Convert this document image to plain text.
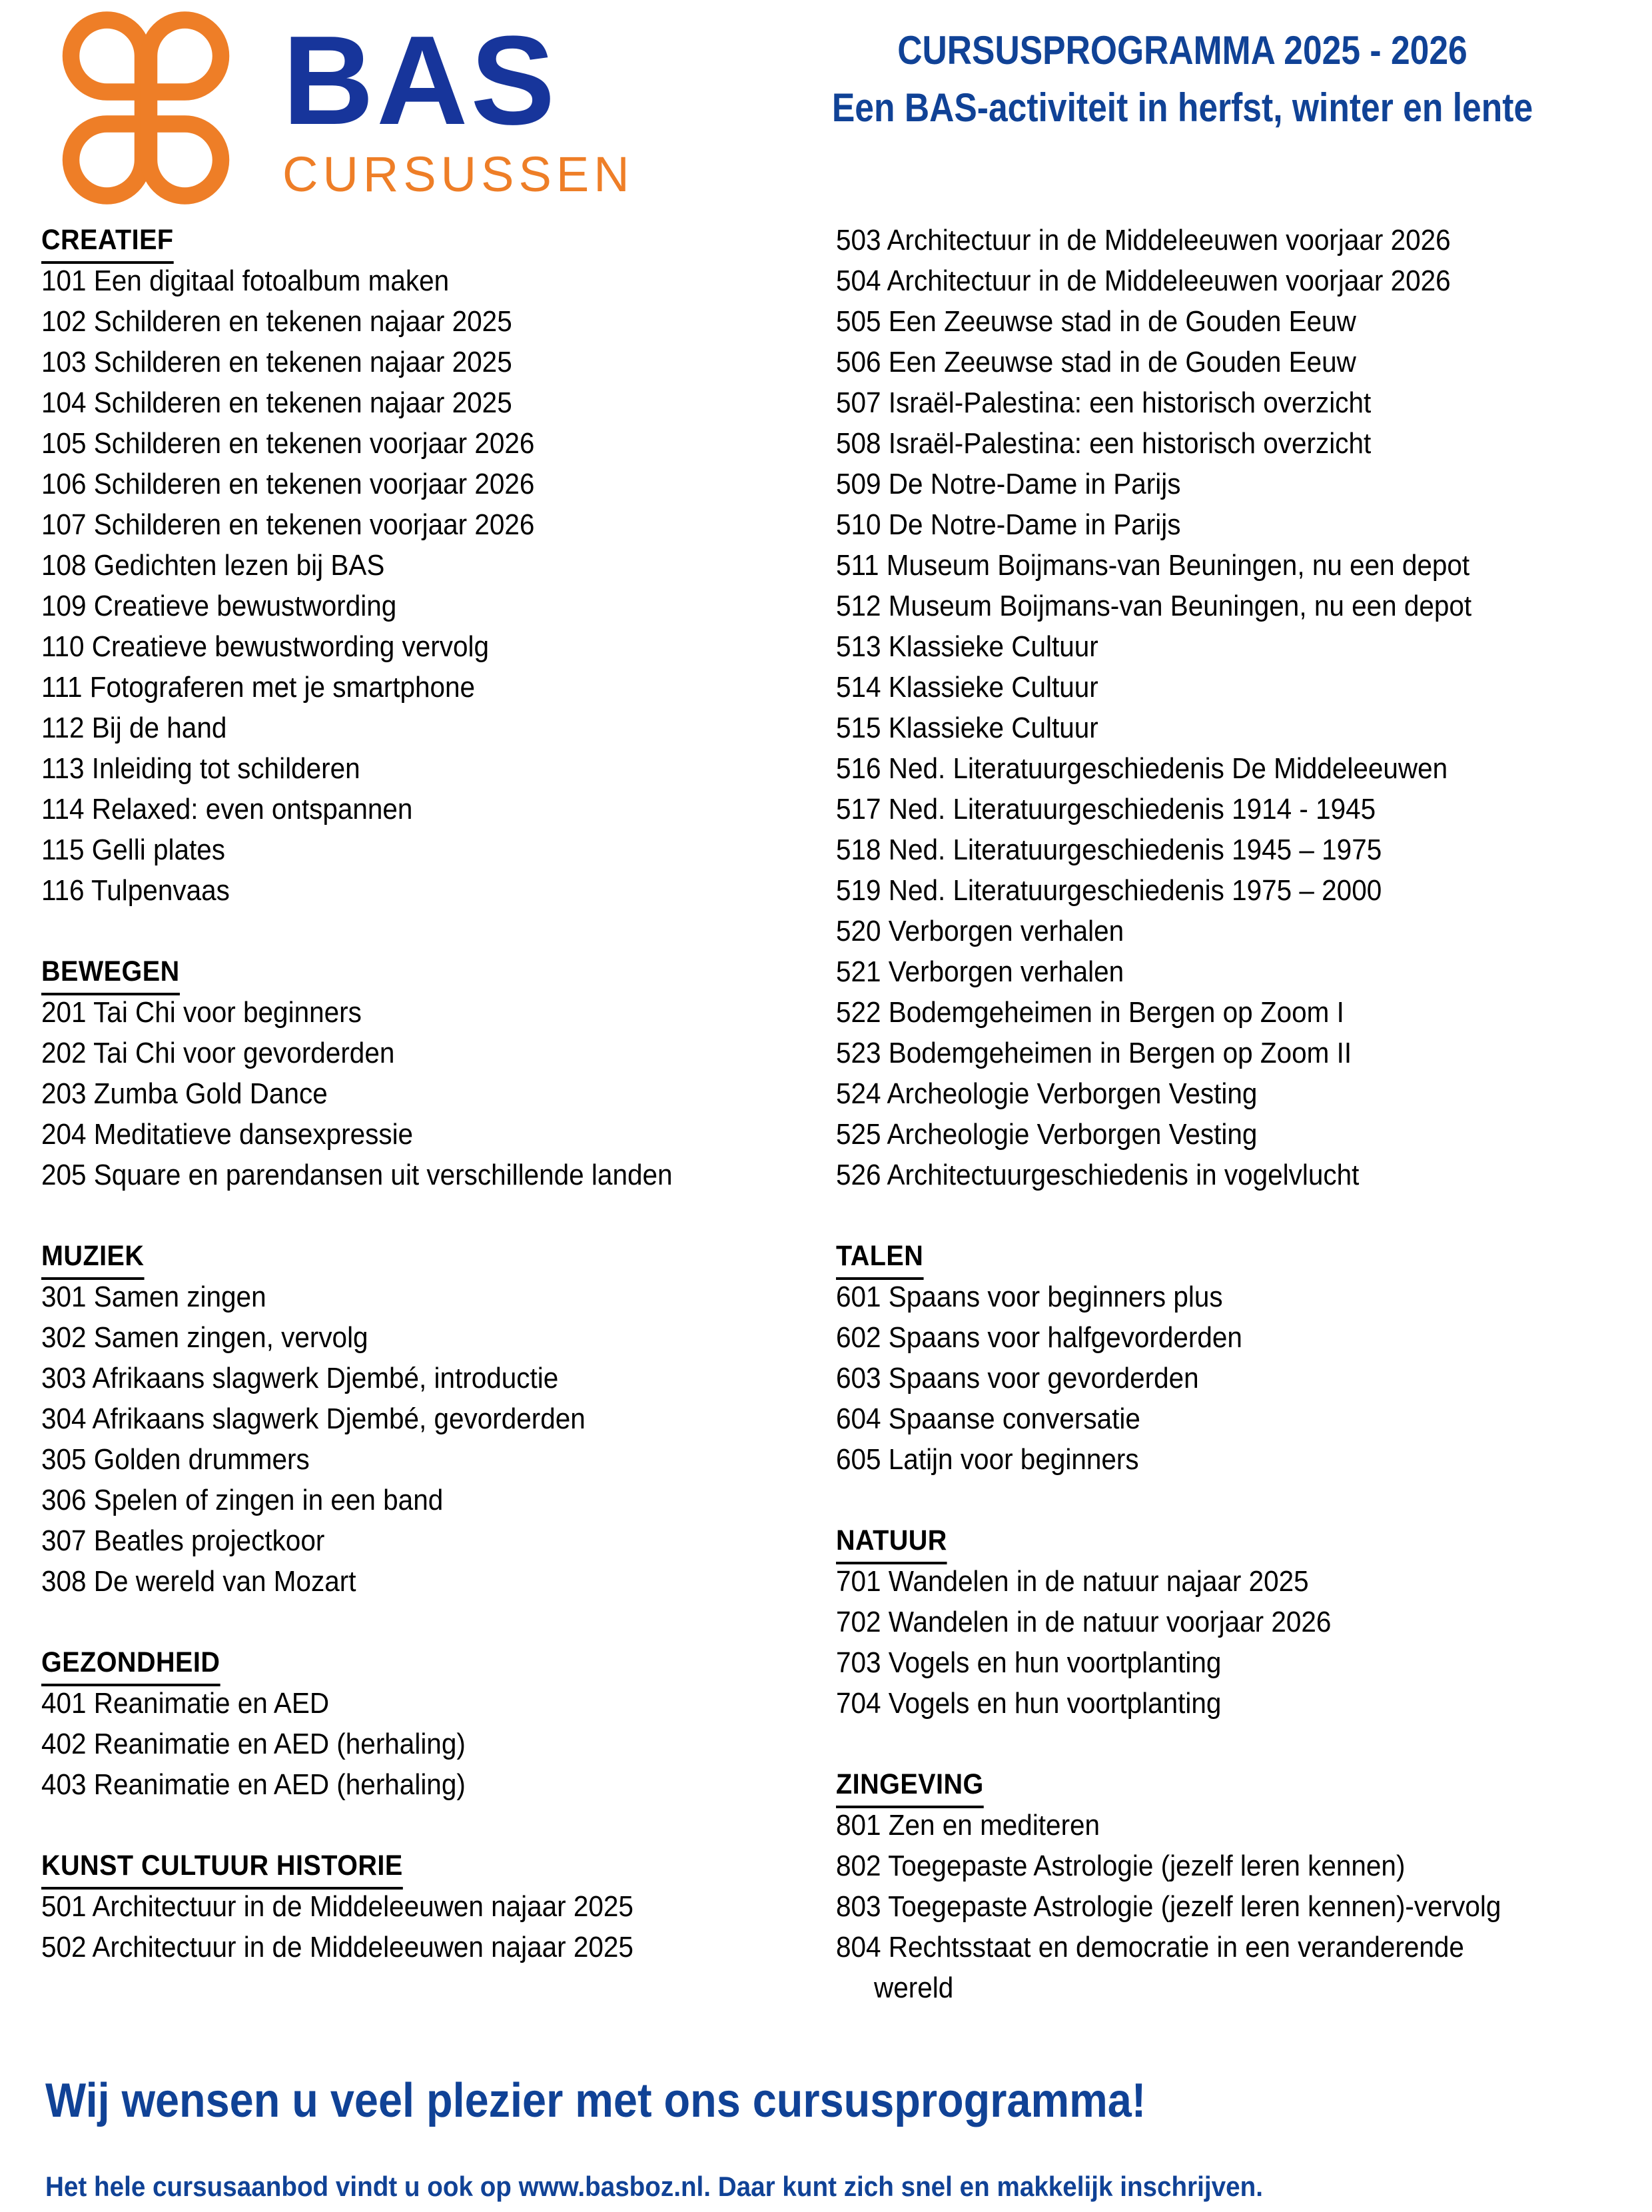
BAS
CURSUSSEN
CURSUSPROGRAMMA 2025 - 2026
Een BAS-activiteit in herfst, winter en lente
CREATIEF
101 Een digitaal fotoalbum maken
102 Schilderen en tekenen najaar 2025
103 Schilderen en tekenen najaar 2025
104 Schilderen en tekenen najaar 2025
105 Schilderen en tekenen voorjaar 2026
106 Schilderen en tekenen voorjaar 2026
107 Schilderen en tekenen voorjaar 2026
108 Gedichten lezen bij BAS
109 Creatieve bewustwording
110 Creatieve bewustwording vervolg
111 Fotograferen met je smartphone
112 Bij de hand
113 Inleiding tot schilderen
114 Relaxed: even ontspannen
115 Gelli plates
116 Tulpenvaas
BEWEGEN
201 Tai Chi voor beginners
202 Tai Chi voor gevorderden
203 Zumba Gold Dance
204 Meditatieve dansexpressie
205 Square en parendansen uit verschillende landen
MUZIEK
301 Samen zingen
302 Samen zingen, vervolg
303 Afrikaans slagwerk Djembé, introductie
304 Afrikaans slagwerk Djembé, gevorderden
305 Golden drummers
306 Spelen of zingen in een band
307 Beatles projectkoor
308 De wereld van Mozart
GEZONDHEID
401 Reanimatie en AED
402 Reanimatie en AED (herhaling)
403 Reanimatie en AED (herhaling)
KUNST CULTUUR HISTORIE
501 Architectuur in de Middeleeuwen najaar 2025
502 Architectuur in de Middeleeuwen najaar 2025
503 Architectuur in de Middeleeuwen voorjaar 2026
504 Architectuur in de Middeleeuwen voorjaar 2026
505 Een Zeeuwse stad in de Gouden Eeuw
506 Een Zeeuwse stad in de Gouden Eeuw
507 Israël-Palestina: een historisch overzicht
508 Israël-Palestina: een historisch overzicht
509 De Notre-Dame in Parijs
510 De Notre-Dame in Parijs
511 Museum Boijmans-van Beuningen, nu een depot
512 Museum Boijmans-van Beuningen, nu een depot
513 Klassieke Cultuur
514 Klassieke Cultuur
515 Klassieke Cultuur
516 Ned. Literatuurgeschiedenis De Middeleeuwen
517 Ned. Literatuurgeschiedenis 1914 - 1945
518 Ned. Literatuurgeschiedenis 1945 – 1975
519 Ned. Literatuurgeschiedenis 1975 – 2000
520 Verborgen verhalen
521 Verborgen verhalen
522 Bodemgeheimen in Bergen op Zoom I
523 Bodemgeheimen in Bergen op Zoom II
524 Archeologie Verborgen Vesting
525 Archeologie Verborgen Vesting
526 Architectuurgeschiedenis in vogelvlucht
TALEN
601 Spaans voor beginners plus
602 Spaans voor halfgevorderden
603 Spaans voor gevorderden
604 Spaanse conversatie
605 Latijn voor beginners
NATUUR
701 Wandelen in de natuur najaar 2025
702 Wandelen in de natuur voorjaar 2026
703 Vogels en hun voortplanting
704 Vogels en hun voortplanting
ZINGEVING
801 Zen en mediteren
802 Toegepaste Astrologie (jezelf leren kennen)
803 Toegepaste Astrologie (jezelf leren kennen)-vervolg
804 Rechtsstaat en democratie in een veranderende
wereld
Wij wensen u veel plezier met ons cursusprogramma!
Het hele cursusaanbod vindt u ook op www.basboz.nl. Daar kunt zich snel en makkelijk inschrijven.
